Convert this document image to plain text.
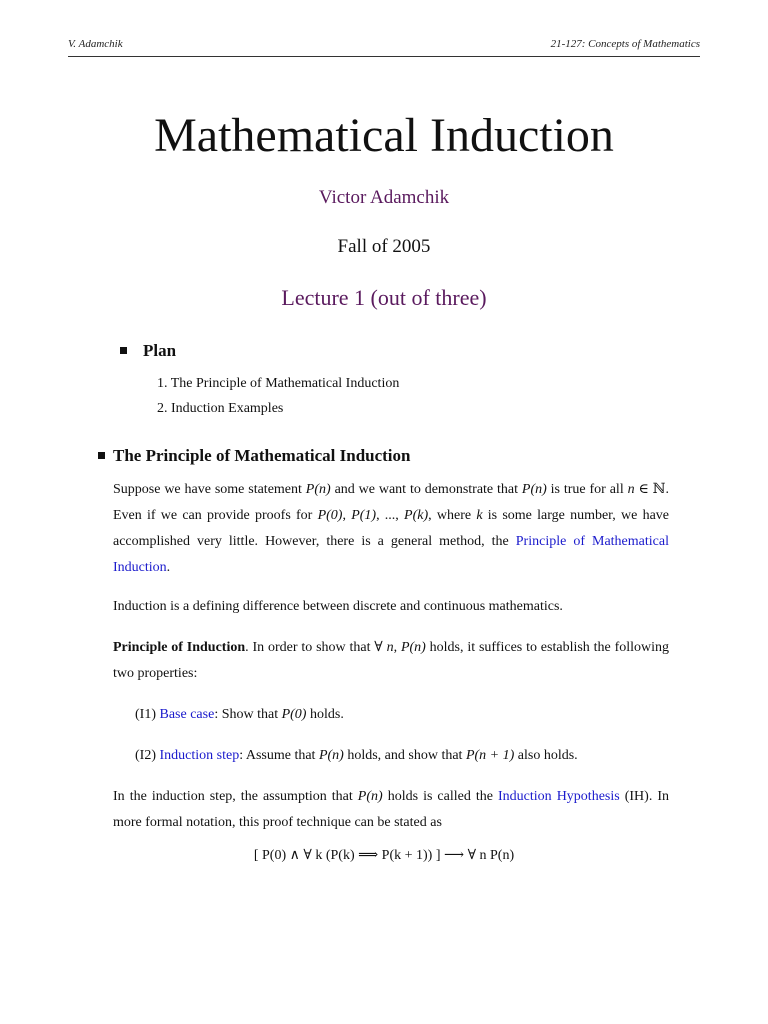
V. Adamchik	21-127: Concepts of Mathematics
Mathematical Induction
Victor Adamchik
Fall of 2005
Lecture 1 (out of three)
Plan
1. The Principle of Mathematical Induction
2. Induction Examples
The Principle of Mathematical Induction
Suppose we have some statement P(n) and we want to demonstrate that P(n) is true for all n ∈ ℕ. Even if we can provide proofs for P(0), P(1), ..., P(k), where k is some large number, we have accomplished very little. However, there is a general method, the Principle of Mathematical Induction.
Induction is a defining difference between discrete and continuous mathematics.
Principle of Induction. In order to show that ∀ n, P(n) holds, it suffices to establish the following two properties:
(I1) Base case: Show that P(0) holds.
(I2) Induction step: Assume that P(n) holds, and show that P(n + 1) also holds.
In the induction step, the assumption that P(n) holds is called the Induction Hypothesis (IH). In more formal notation, this proof technique can be stated as
[ P(0) ∧ ∀ k (P(k) ⟹ P(k + 1)) ] ⟶ ∀ n P(n)
